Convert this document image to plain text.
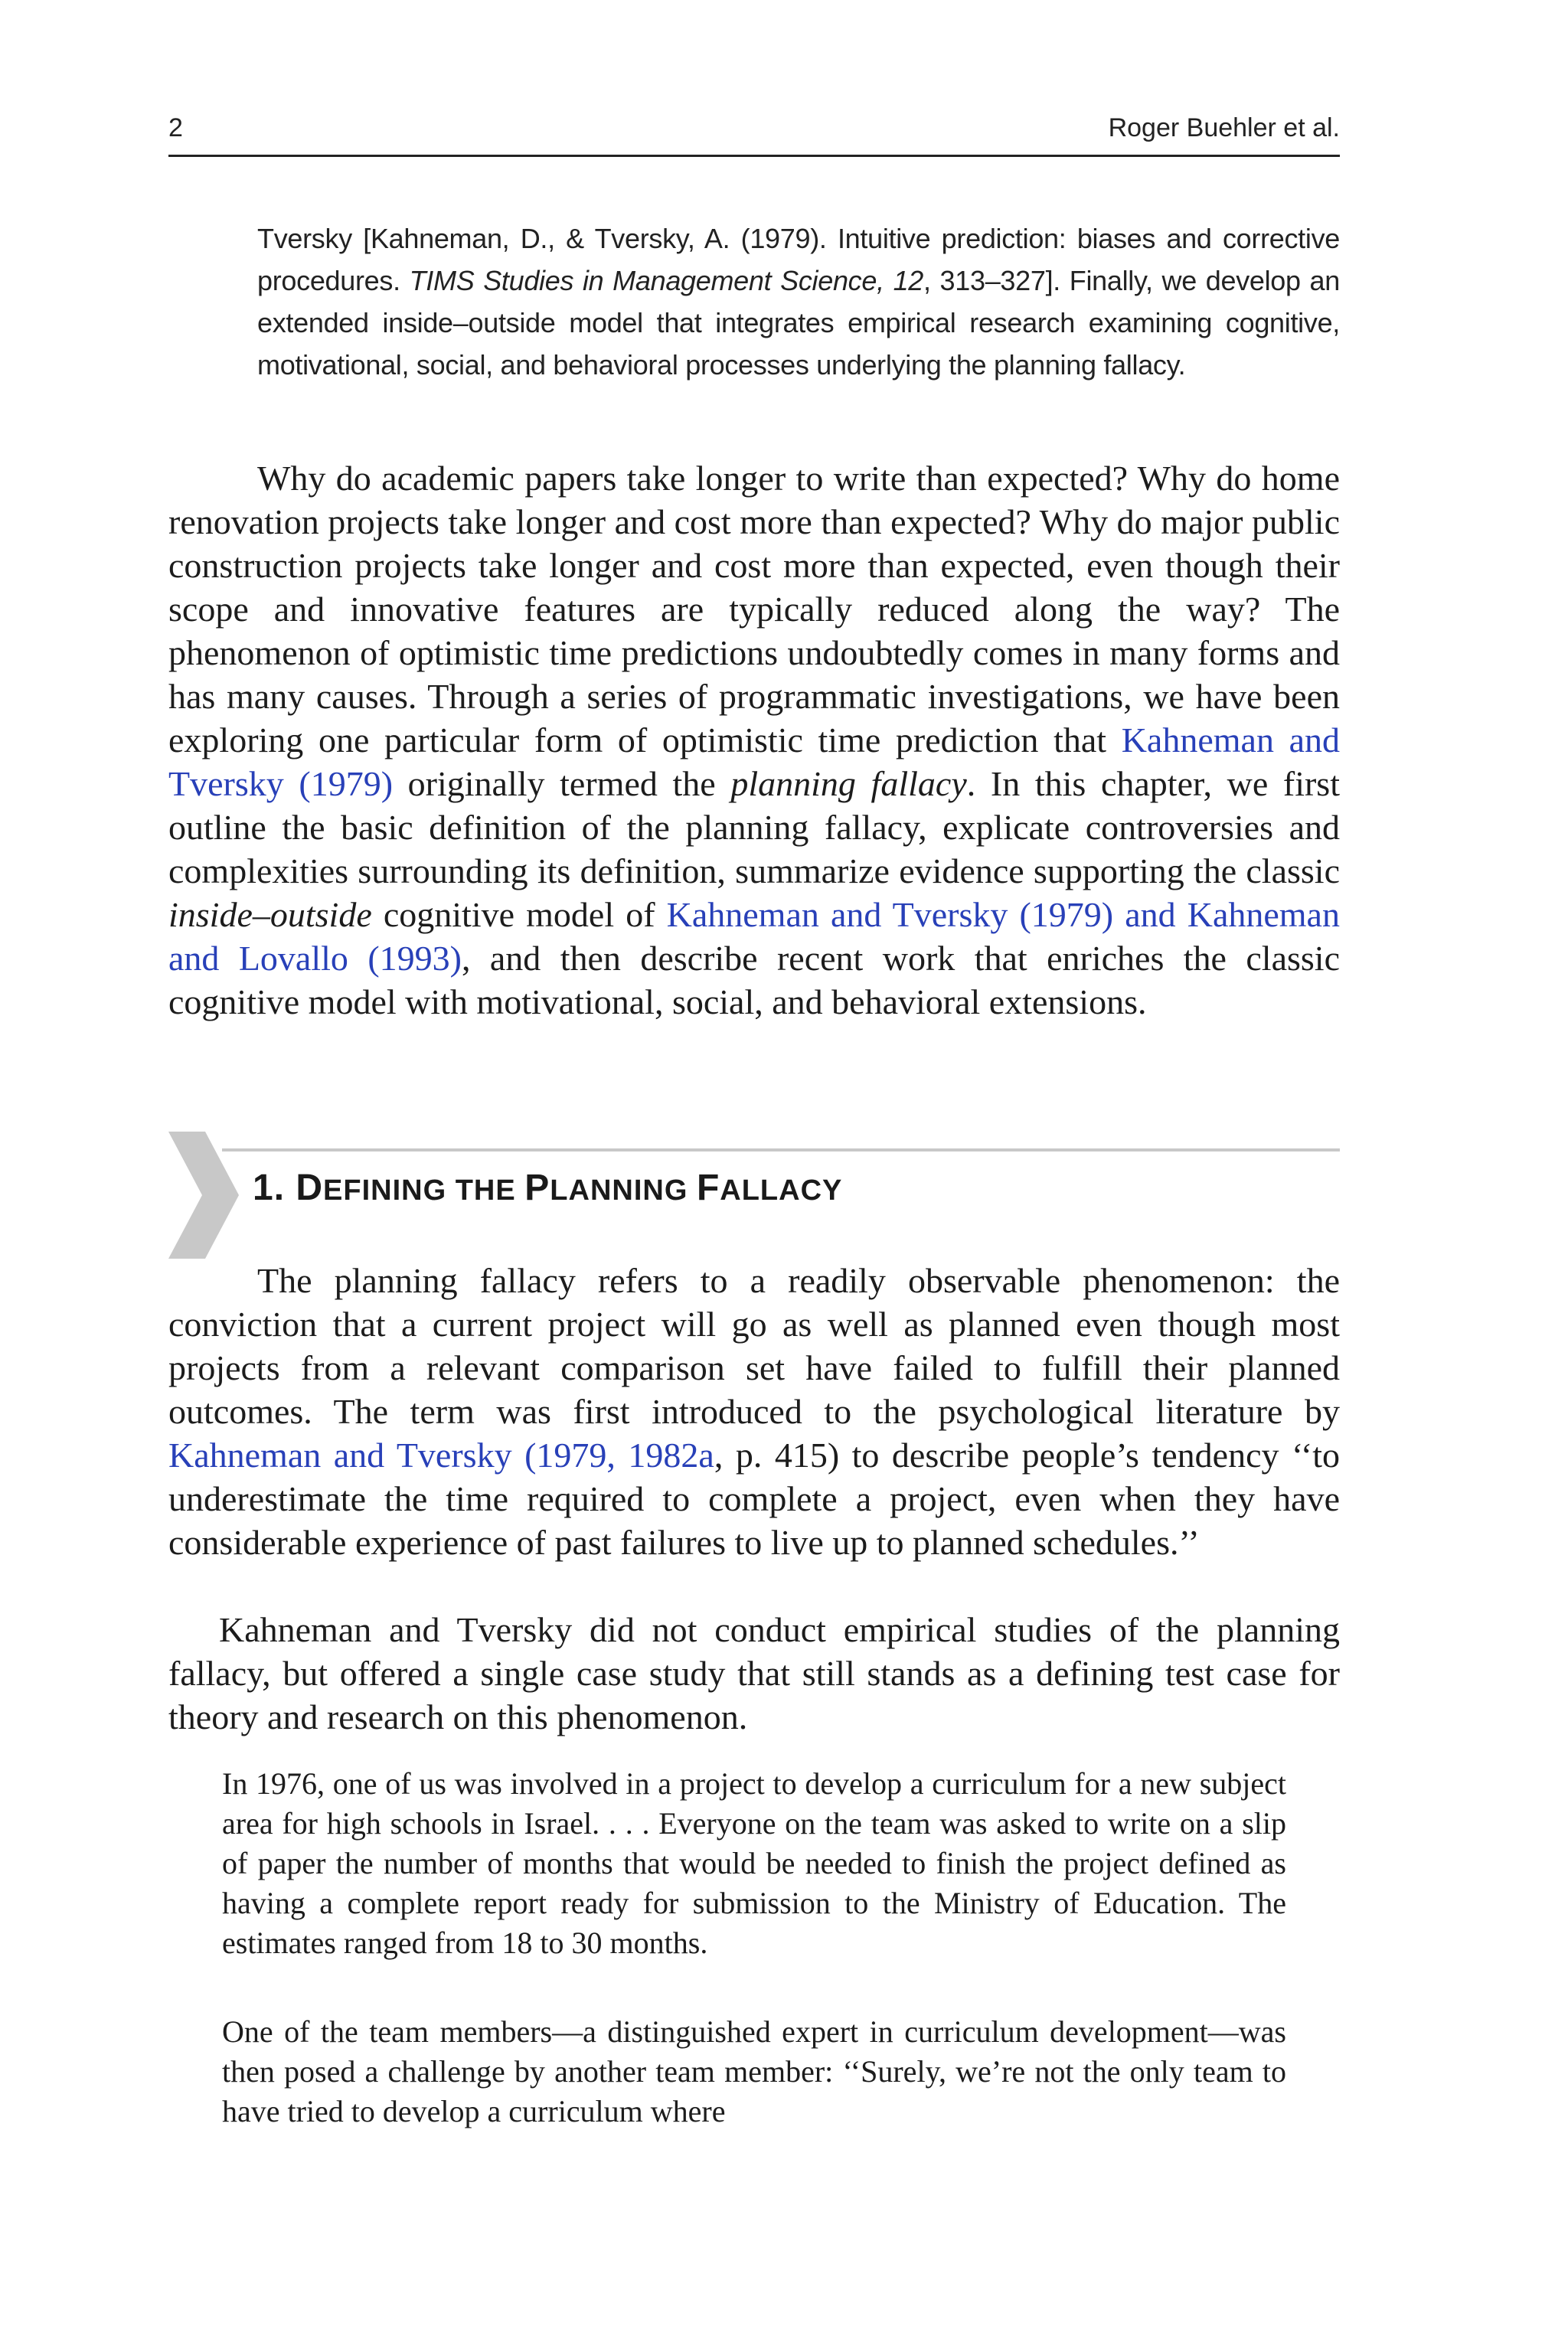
2	Roger Buehler et al.
Tversky [Kahneman, D., & Tversky, A. (1979). Intuitive prediction: biases and corrective procedures. TIMS Studies in Management Science, 12, 313–327]. Finally, we develop an extended inside–outside model that integrates empirical research examining cognitive, motivational, social, and behavioral processes underlying the planning fallacy.
Why do academic papers take longer to write than expected? Why do home renovation projects take longer and cost more than expected? Why do major public construction projects take longer and cost more than expected, even though their scope and innovative features are typically reduced along the way? The phenomenon of optimistic time predictions undoubtedly comes in many forms and has many causes. Through a series of programmatic investigations, we have been exploring one particular form of optimistic time prediction that Kahneman and Tversky (1979) originally termed the planning fallacy. In this chapter, we first outline the basic definition of the planning fallacy, explicate controversies and complexities surrounding its definition, summarize evidence supporting the classic inside–outside cognitive model of Kahneman and Tversky (1979) and Kahneman and Lovallo (1993), and then describe recent work that enriches the classic cognitive model with motivational, social, and behavioral extensions.
1. DEFINING THE PLANNING FALLACY
The planning fallacy refers to a readily observable phenomenon: the conviction that a current project will go as well as planned even though most projects from a relevant comparison set have failed to fulfill their planned outcomes. The term was first introduced to the psychological literature by Kahneman and Tversky (1979, 1982a, p. 415) to describe people’s tendency ‘‘to underestimate the time required to complete a project, even when they have considerable experience of past failures to live up to planned schedules.’’
Kahneman and Tversky did not conduct empirical studies of the planning fallacy, but offered a single case study that still stands as a defining test case for theory and research on this phenomenon.
In 1976, one of us was involved in a project to develop a curriculum for a new subject area for high schools in Israel. . . . Everyone on the team was asked to write on a slip of paper the number of months that would be needed to finish the project defined as having a complete report ready for submission to the Ministry of Education. The estimates ranged from 18 to 30 months.
One of the team members—a distinguished expert in curriculum development—was then posed a challenge by another team member: ‘‘Surely, we’re not the only team to have tried to develop a curriculum where
